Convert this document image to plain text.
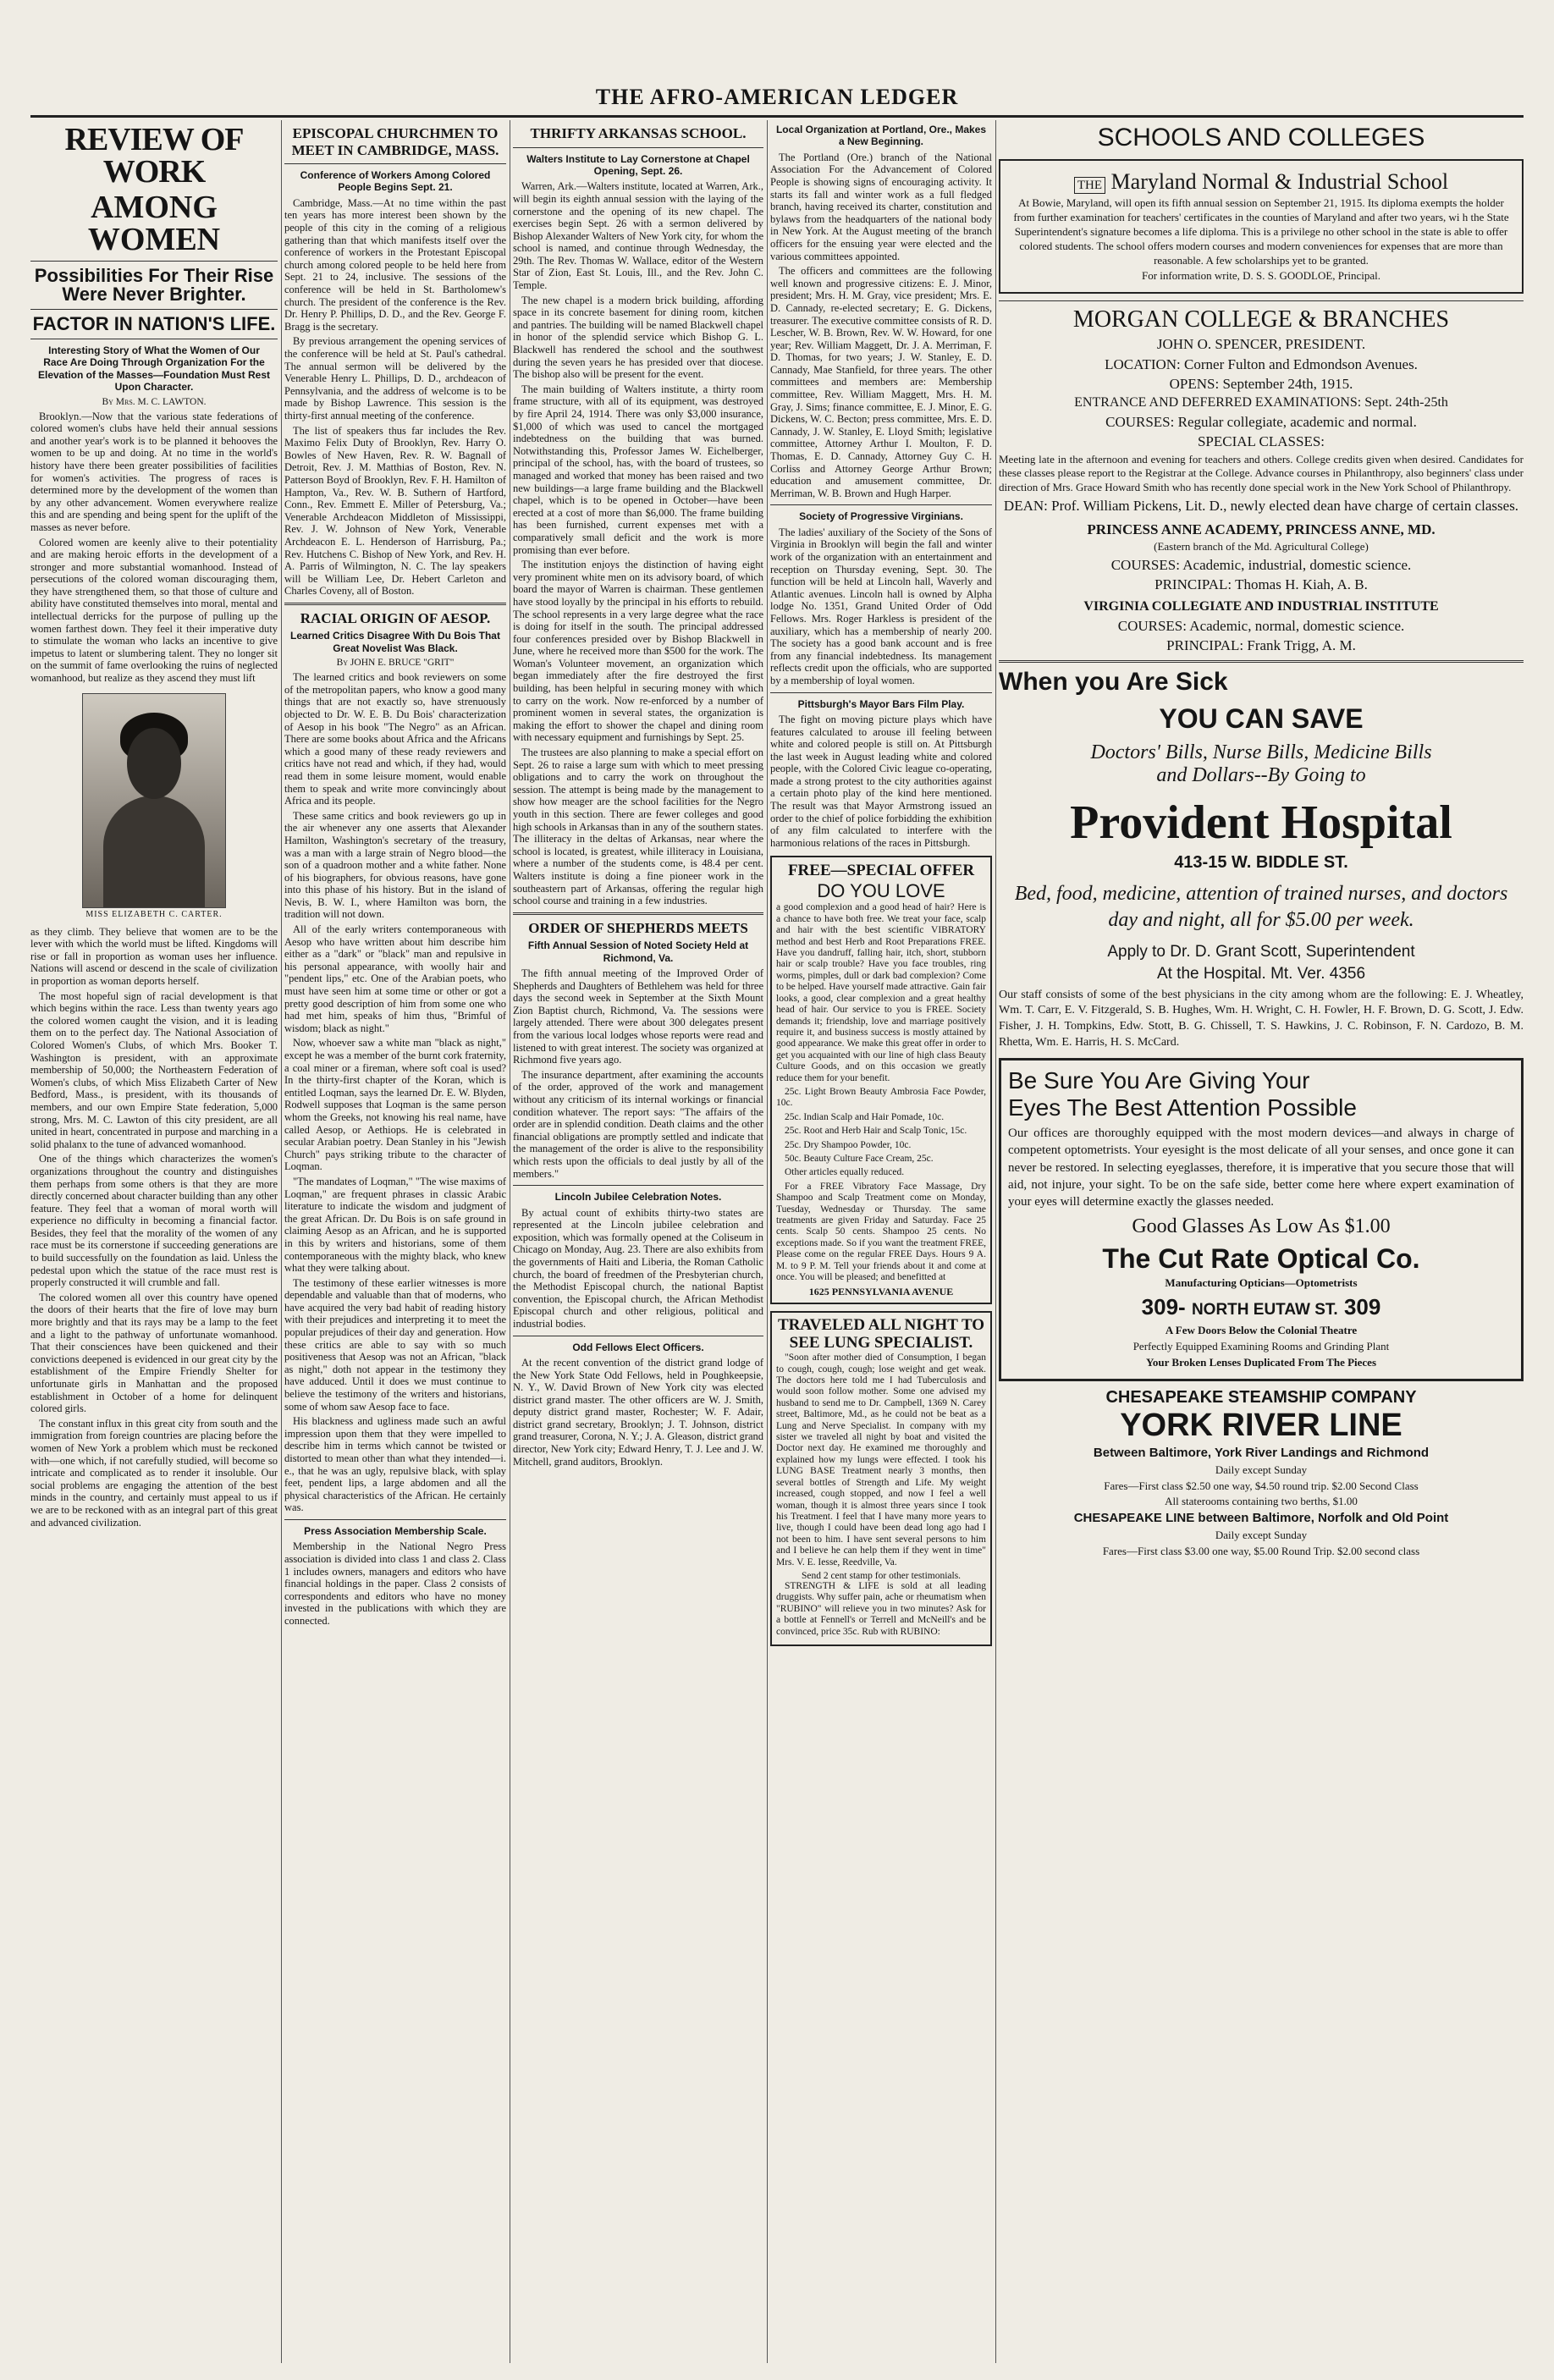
THE AFRO-AMERICAN LEDGER
REVIEW OF WORK
AMONG WOMEN
Possibilities For Their Rise Were Never Brighter.
FACTOR IN NATION'S LIFE.
Interesting Story of What the Women of Our Race Are Doing Through Organization For the Elevation of the Masses—Foundation Must Rest Upon Character.
By Mrs. M. C. LAWTON.

Brooklyn.—Now that the various state federations of colored women's clubs have held their annual sessions and another year's work is to be planned it behooves the women to be up and doing. At no time in the world's history have there been greater possibilities of facilities for women's activities. The progress of races is determined more by the development of the women than by any other advancement. Women everywhere realize this and are spending and being spent for the uplift of the masses as never before.

Colored women are keenly alive to their potentiality and are making heroic efforts in the development of a stronger and more substantial womanhood. Instead of persecutions of the colored woman discouraging them, they have strengthened them, so that those of culture and ability have constituted themselves into moral, mental and intellectual derricks for the purpose of pulling up the women farthest down. They feel it their imperative duty to stimulate the woman who lacks an incentive to give impetus to latent or slumbering talent. They no longer sit on the summit of fame overlooking the ruins of neglected womanhood, but realize as they ascend they must lift

MISS ELIZABETH C. CARTER.

as they climb. They believe that women are to be the lever with which the world must be lifted. Kingdoms will rise or fall in proportion as woman uses her influence. Nations will ascend or descend in the scale of civilization in proportion as woman deports herself.

The most hopeful sign of racial development is that which begins within the race. Less than twenty years ago the colored women caught the vision, and it is leading them on to the perfect day. The National Association of Colored Women's Clubs, of which Mrs. Booker T. Washington is president, with an approximate membership of 50,000; the Northeastern Federation of Women's clubs, of which Miss Elizabeth Carter of New Bedford, Mass., is president, with its thousands of members, and our own Empire State federation, 5,000 strong, Mrs. M. C. Lawton of this city president, are all united in heart, concentrated in purpose and marching in a solid phalanx to the tune of advanced womanhood.

One of the things which characterizes the women's organizations throughout the country and distinguishes them perhaps from some others is that they are more directly concerned about character building than any other feature. They feel that a woman of moral worth will experience no difficulty in becoming a financial factor. Besides, they feel that the morality of the women of any race must be its cornerstone if succeeding generations are to build successfully on the foundation as laid. Unless the pedestal upon which the statue of the race must rest is properly constructed it will crumble and fall.

The colored women all over this country have opened the doors of their hearts that the fire of love may burn more brightly and that its rays may be a lamp to the feet and a light to the pathway of unfortunate womanhood. That their consciences have been quickened and their convictions deepened is evidenced in our great city by the establishment of the Empire Friendly Shelter for unfortunate girls in Manhattan and the proposed establishment in October of a home for delinquent colored girls.

The constant influx in this great city from south and the immigration from foreign countries are placing before the women of New York a problem which must be reckoned with—one which, if not carefully studied, will become so intricate and complicated as to render it insoluble. Our social problems are engaging the attention of the best minds in the country, and certainly must appeal to us if we are to be reckoned with as an integral part of this great and advanced civilization.

EPISCOPAL CHURCHMEN TO MEET IN CAMBRIDGE, MASS.
Conference of Workers Among Colored People Begins Sept. 21.

Cambridge, Mass.—At no time within the past ten years has more interest been shown by the people of this city in the coming of a religious gathering than that which manifests itself over the conference of workers in the Protestant Episcopal church among colored people to be held here from Sept. 21 to 24, inclusive. The sessions of the conference will be held in St. Bartholomew's church. The president of the conference is the Rev. Dr. Henry P. Phillips, D. D., and the Rev. George F. Bragg is the secretary.

By previous arrangement the opening services of the conference will be held at St. Paul's cathedral. The annual sermon will be delivered by the Venerable Henry L. Phillips, D. D., archdeacon of Pennsylvania, and the address of welcome is to be made by Bishop Lawrence. This session is the thirty-first annual meeting of the conference.

The list of speakers thus far includes the Rev. Maximo Felix Duty of Brooklyn, Rev. Harry O. Bowles of New Haven, Rev. R. W. Bagnall of Detroit, Rev. J. M. Matthias of Boston, Rev. N. Patterson Boyd of Brooklyn, Rev. F. H. Hamilton of Hampton, Va., Rev. W. B. Suthern of Hartford, Conn., Rev. Emmett E. Miller of Petersburg, Va.; Venerable Archdeacon Middleton of Mississippi, Rev. J. W. Johnson of New York, Venerable Archdeacon E. L. Henderson of Harrisburg, Pa.; Rev. Hutchens C. Bishop of New York, and Rev. H. A. Parris of Wilmington, N. C. The lay speakers will be William Lee, Dr. Hebert Carleton and Charles Coveny, all of Boston.

RACIAL ORIGIN OF AESOP.
Learned Critics Disagree With Du Bois That Great Novelist Was Black.
By JOHN E. BRUCE "GRIT"

The learned critics and book reviewers on some of the metropolitan papers, who know a good many things that are not exactly so, have strenuously objected to Dr. W. E. B. Du Bois' characterization of Aesop in his book "The Negro" as an African. There are some books about Africa and the Africans which a good many of these ready reviewers and critics have not read and which, if they had, would read them in some leisure moment, would enable them to speak and write more convincingly about Africa and its people.

These same critics and book reviewers go up in the air whenever any one asserts that Alexander Hamilton, Washington's secretary of the treasury, was a man with a large strain of Negro blood—the son of a quadroon mother and a white father. None of his biographers, for obvious reasons, have gone into this phase of his history. But in the island of Nevis, B. W. I., where Hamilton was born, the tradition will not down.

All of the early writers contemporaneous with Aesop who have written about him describe him either as a "dark" or "black" man and repulsive in his personal appearance, with woolly hair and "pendent lips," etc. One of the Arabian poets, who must have seen him at some time or other or got a pretty good description of him from some one who had met him, speaks of him thus, "Brimful of wisdom; black as night."

Now, whoever saw a white man "black as night," except he was a member of the burnt cork fraternity, a coal miner or a fireman, where soft coal is used? In the thirty-first chapter of the Koran, which is entitled Loqman, says the learned Dr. E. W. Blyden, Rodwell supposes that Loqman is the same person whom the Greeks, not knowing his real name, have called Aesop, or Aethiops. He is celebrated in secular Arabian poetry. Dean Stanley in his "Jewish Church" pays striking tribute to the character of Loqman.

"The mandates of Loqman," "The wise maxims of Loqman," are frequent phrases in classic Arabic literature to indicate the wisdom and judgment of the great African. Dr. Du Bois is on safe ground in claiming Aesop as an African, and he is supported in this by writers and historians, some of them contemporaneous with the mighty black, who knew what they were talking about.

The testimony of these earlier witnesses is more dependable and valuable than that of moderns, who have acquired the very bad habit of reading history with their prejudices and interpreting it to meet the popular prejudices of their day and generation. How these critics are able to say with so much positiveness that Aesop was not an African, "black as night," doth not appear in the testimony they have adduced. Until it does we must continue to believe the testimony of the writers and historians, some of whom saw Aesop face to face.

His blackness and ugliness made such an awful impression upon them that they were impelled to describe him in terms which cannot be twisted or distorted to mean other than what they intended—i. e., that he was an ugly, repulsive black, with splay feet, pendent lips, a large abdomen and all the physical characteristics of the African. He certainly was.

Press Association Membership Scale.

Membership in the National Negro Press association is divided into class 1 and class 2. Class 1 includes owners, managers and editors who have financial holdings in the paper. Class 2 consists of correspondents and editors who have no money invested in the publications with which they are connected.

THRIFTY ARKANSAS SCHOOL.
Walters Institute to Lay Cornerstone at Chapel Opening, Sept. 26.

Warren, Ark.—Walters institute, located at Warren, Ark., will begin its eighth annual session with the laying of the cornerstone and the opening of its new chapel. The exercises begin Sept. 26 with a sermon delivered by Bishop Alexander Walters of New York city, for whom the school is named, and continue through Wednesday, the 29th. The Rev. Thomas W. Wallace, editor of the Western Star of Zion, East St. Louis, Ill., and the Rev. John C. Temple.

The new chapel is a modern brick building, affording space in its concrete basement for dining room, kitchen and pantries. The building will be named Blackwell chapel in honor of the splendid service which Bishop G. L. Blackwell has rendered the school and the southwest during the seven years he has presided over that diocese. The bishop also will be present for the event.

The main building of Walters institute, a thirty room frame structure, with all of its equipment, was destroyed by fire April 24, 1914. There was only $3,000 insurance, $1,000 of which was used to cancel the mortgaged indebtedness on the building that was burned. Notwithstanding this, Professor James W. Eichelberger, principal of the school, has, with the board of trustees, so managed and worked that money has been raised and two new buildings—a large frame building and the Blackwell chapel, which is to be opened in October—have been erected at a cost of more than $6,000. The frame building has been furnished, current expenses met with a comparatively small deficit and the work is more promising than ever before.

The institution enjoys the distinction of having eight very prominent white men on its advisory board, of which board the mayor of Warren is chairman. These gentlemen have stood loyally by the principal in his efforts to rebuild. The school represents in a very large degree what the race is doing for itself in the south. The principal addressed four conferences presided over by Bishop Blackwell in June, where he received more than $500 for the work. The Woman's Volunteer movement, an organization which began immediately after the fire destroyed the first building, has been helpful in securing money with which to carry on the work. Now re-enforced by a number of prominent women in several states, the organization is making the effort to shower the chapel and dining room with necessary equipment and furnishings by Sept. 25.

The trustees are also planning to make a special effort on Sept. 26 to raise a large sum with which to meet pressing obligations and to carry the work on throughout the session. The attempt is being made by the management to show how meager are the school facilities for the Negro youth in this section. There are fewer colleges and good high schools in Arkansas than in any of the southern states. The illiteracy in the deltas of Arkansas, near where the school is located, is greatest, while illiteracy in Louisiana, where a number of the students come, is 48.4 per cent. Walters institute is doing a fine pioneer work in the southeastern part of Arkansas, offering the regular high school course and training in a few industries.

ORDER OF SHEPHERDS MEETS
Fifth Annual Session of Noted Society Held at Richmond, Va.

The fifth annual meeting of the Improved Order of Shepherds and Daughters of Bethlehem was held for three days the second week in September at the Sixth Mount Zion Baptist church, Richmond, Va. The sessions were largely attended. There were about 300 delegates present from the various local lodges whose reports were read and listened to with great interest. The society was organized at Richmond five years ago.

The insurance department, after examining the accounts of the order, approved of the work and management without any criticism of its internal workings or financial condition whatever. The report says: "The affairs of the order are in splendid condition. Death claims and the other financial obligations are promptly settled and indicate that the management of the order is alive to the responsibility which rests upon the officials to deal justly by all of the members."

Lincoln Jubilee Celebration Notes.

By actual count of exhibits thirty-two states are represented at the Lincoln jubilee celebration and exposition, which was formally opened at the Coliseum in Chicago on Monday, Aug. 23. There are also exhibits from the governments of Haiti and Liberia, the Roman Catholic church, the board of freedmen of the Presbyterian church, the Methodist Episcopal church, the national Baptist convention, the Episcopal church, the African Methodist Episcopal church and other religious, political and industrial bodies.

Odd Fellows Elect Officers.

At the recent convention of the district grand lodge of the New York State Odd Fellows, held in Poughkeepsie, N. Y., W. David Brown of New York city was elected district grand master. The other officers are W. J. Smith, deputy district grand master, Rochester; W. F. Adair, district grand secretary, Brooklyn; J. T. Johnson, district grand treasurer, Corona, N. Y.; J. A. Gleason, district grand director, New York city; Edward Henry, T. J. Lee and J. W. Mitchell, grand auditors, Brooklyn.

Local Organization at Portland, Ore., Makes a New Beginning.

The Portland (Ore.) branch of the National Association For the Advancement of Colored People is showing signs of encouraging activity. It starts its fall and winter work as a full fledged branch, having received its charter, constitution and bylaws from the headquarters of the national body in New York. At the August meeting of the branch officers for the ensuing year were elected and the various committees appointed.

The officers and committees are the following well known and progressive citizens: E. J. Minor, president; Mrs. H. M. Gray, vice president; Mrs. E. D. Cannady, re-elected secretary; E. G. Dickens, treasurer. The executive committee consists of R. D. Lescher, W. B. Brown, Rev. W. W. Howard, for one year; Rev. William Maggett, Dr. J. A. Merriman, F. D. Thomas, for two years; J. W. Stanley, E. D. Cannady, Mae Stanfield, for three years. The other committees and members are: Membership committee, Rev. William Maggett, Mrs. H. M. Gray, J. Sims; finance committee, E. J. Minor, E. G. Dickens, W. C. Becton; press committee, Mrs. E. D. Cannady, J. W. Stanley, E. Lloyd Smith; legislative committee, Attorney Arthur I. Moulton, F. D. Thomas, E. D. Cannady, Attorney Guy C. H. Corliss and Attorney George Arthur Brown; education and amusement committee, Dr. Merriman, W. B. Brown and Hugh Harper.

Society of Progressive Virginians.

The ladies' auxiliary of the Society of the Sons of Virginia in Brooklyn will begin the fall and winter work of the organization with an entertainment and reception on Thursday evening, Sept. 30. The function will be held at Lincoln hall, Waverly and Atlantic avenues. Lincoln hall is owned by Alpha lodge No. 1351, Grand United Order of Odd Fellows. Mrs. Roger Harkless is president of the auxiliary, which has a membership of nearly 200. The society has a good bank account and is free from any financial indebtedness. Its management reflects credit upon the officials, who are supported by a membership of loyal women.

Pittsburgh's Mayor Bars Film Play.

The fight on moving picture plays which have features calculated to arouse ill feeling between white and colored people is still on. At Pittsburgh the last week in August leading white and colored people, with the Colored Civic league co-operating, made a strong protest to the city authorities against a certain photo play of the kind here mentioned. The result was that Mayor Armstrong issued an order to the chief of police forbidding the exhibition of any film calculated to interfere with the harmonious relations of the races in Pittsburgh.

FREE—SPECIAL OFFER
DO YOU LOVE

a good complexion and a good head of hair? Here is a chance to have both free. We treat your face, scalp and hair with the best scientific VIBRATORY method and best Herb and Root Preparations FREE. Have you dandruff, falling hair, itch, short, stubborn hair or scalp trouble? Have you face troubles, ring worms, pimples, dull or dark bad complexion? Come to be helped. Have yourself made attractive. Gain fair looks, a good, clear complexion and a great healthy head of hair. Our service to you is FREE. Society demands it; friendship, love and marriage positively require it, and business success is mostly attained by good appearance. We make this great offer in order to get you acquainted with our line of high class Beauty Culture Goods, and on this occasion we greatly reduce them for your benefit.

25c. Light Brown Beauty Ambrosia Face Powder, 10c.
25c. Indian Scalp and Hair Pomade, 10c.
25c. Root and Herb Hair and Scalp Tonic, 15c.
25c. Dry Shampoo Powder, 10c.
50c. Beauty Culture Face Cream, 25c.
Other articles equally reduced.

For a FREE Vibratory Face Massage, Dry Shampoo and Scalp Treatment come on Monday, Tuesday, Wednesday or Thursday. The same treatments are given Friday and Saturday. Face 25 cents. Scalp 50 cents. Shampoo 25 cents. No exceptions made. So if you want the treatment FREE, Please come on the regular FREE Days. Hours 9 A. M. to 9 P. M. Tell your friends about it and come at once. You will be pleased; and benefitted at

1625 PENNSYLVANIA AVENUE
TRAVELED ALL NIGHT TO SEE LUNG SPECIALIST.

"Soon after mother died of Consumption, I began to cough, cough, cough; lose weight and get weak. The doctors here told me I had Tuberculosis and would soon follow mother. Some one advised my husband to send me to Dr. Campbell, 1369 N. Carey street, Baltimore, Md., as he could not be beat as a Lung and Nerve Specialist. In company with my sister we traveled all night by boat and visited the Doctor next day. He examined me thoroughly and explained how my lungs were effected. I took his LUNG BASE Treatment nearly 3 months, then several bottles of Strength and Life. My weight increased, cough stopped, and now I feel a well woman, though it is almost three years since I took his Treatment. I feel that I have many more years to live, though I could have been dead long ago had I not been to him. I have sent several persons to him and I believe he can help them if they went in time" Mrs. V. E. Iesse, Reedville, Va.

Send 2 cent stamp for other testimonials.

STRENGTH & LIFE is sold at all leading druggists. Why suffer pain, ache or rheumatism when "RUBINO" will relieve you in two minutes? Ask for a bottle at Fennell's or Terrell and McNeill's and be convinced, price 35c. Rub with RUBINO:

SCHOOLS AND COLLEGES
THE Maryland Normal & Industrial School
At Bowie, Maryland, will open its fifth annual session on September 21, 1915. Its diploma exempts the holder from further examination for teachers' certificates in the counties of Maryland and after two years, wi h the State Superintendent's signature becomes a life diploma. This is a privilege no other school in the state is able to offer colored students. The school offers modern courses and modern conveniences for expenses that are more than reasonable. A few scholarships yet to be granted.
For information write, D. S. S. GOODLOE, Principal.
MORGAN COLLEGE & BRANCHES
JOHN O. SPENCER, PRESIDENT.
LOCATION: Corner Fulton and Edmondson Avenues.
OPENS: September 24th, 1915.
ENTRANCE AND DEFERRED EXAMINATIONS: Sept. 24th-25th
COURSES: Regular collegiate, academic and normal.
SPECIAL CLASSES:
Meeting late in the afternoon and evening for teachers and others. College credits given when desired. Candidates for these classes please report to the Registrar at the College. Advance courses in Philanthropy, also beginners' class under direction of Mrs. Grace Howard Smith who has recently done special work in the New York School of Philanthropy.
DEAN: Prof. William Pickens, Lit. D., newly elected dean have charge of certain classes.
PRINCESS ANNE ACADEMY, PRINCESS ANNE, MD.
(Eastern branch of the Md. Agricultural College)
COURSES: Academic, industrial, domestic science.
PRINCIPAL: Thomas H. Kiah, A. B.
VIRGINIA COLLEGIATE AND INDUSTRIAL INSTITUTE
COURSES: Academic, normal, domestic science.
PRINCIPAL: Frank Trigg, A. M.
When you Are Sick
YOU CAN SAVE
Doctors' Bills, Nurse Bills, Medicine Bills
and Dollars--By Going to
Provident Hospital
413-15 W. BIDDLE ST.
Bed, food, medicine, attention of trained nurses, and doctors day and night, all for $5.00 per week.
Apply to Dr. D. Grant Scott, Superintendent
At the Hospital. Mt. Ver. 4356
Our staff consists of some of the best physicians in the city among whom are the following: E. J. Wheatley, Wm. T. Carr, E. V. Fitzgerald, S. B. Hughes, Wm. H. Wright, C. H. Fowler, H. F. Brown, D. G. Scott, J. Edw. Fisher, J. H. Tompkins, Edw. Stott, B. G. Chissell, T. S. Hawkins, J. C. Robinson, F. N. Cardozo, B. M. Rhetta, Wm. E. Harris, H. S. McCard.
Be Sure You Are Giving Your
Eyes The Best Attention Possible
Our offices are thoroughly equipped with the most modern devices—and always in charge of competent optometrists. Your eyesight is the most delicate of all your senses, and once gone it can never be restored. In selecting eyeglasses, therefore, it is imperative that you secure those that will aid, not injure, your sight. To be on the safe side, better come here where expert examination of your eyes will determine exactly the glasses needed.
Good Glasses As Low As $1.00
The Cut Rate Optical Co.
Manufacturing Opticians—Optometrists
309- NORTH EUTAW ST. 309
A Few Doors Below the Colonial Theatre
Perfectly Equipped Examining Rooms and Grinding Plant
Your Broken Lenses Duplicated From The Pieces
CHESAPEAKE STEAMSHIP COMPANY
YORK RIVER LINE
Between Baltimore, York River Landings and Richmond
Daily except Sunday
Fares—First class $2.50 one way, $4.50 round trip. $2.00 Second Class
All staterooms containing two berths, $1.00
CHESAPEAKE LINE between Baltimore, Norfolk and Old Point
Daily except Sunday
Fares—First class $3.00 one way, $5.00 Round Trip. $2.00 second class
